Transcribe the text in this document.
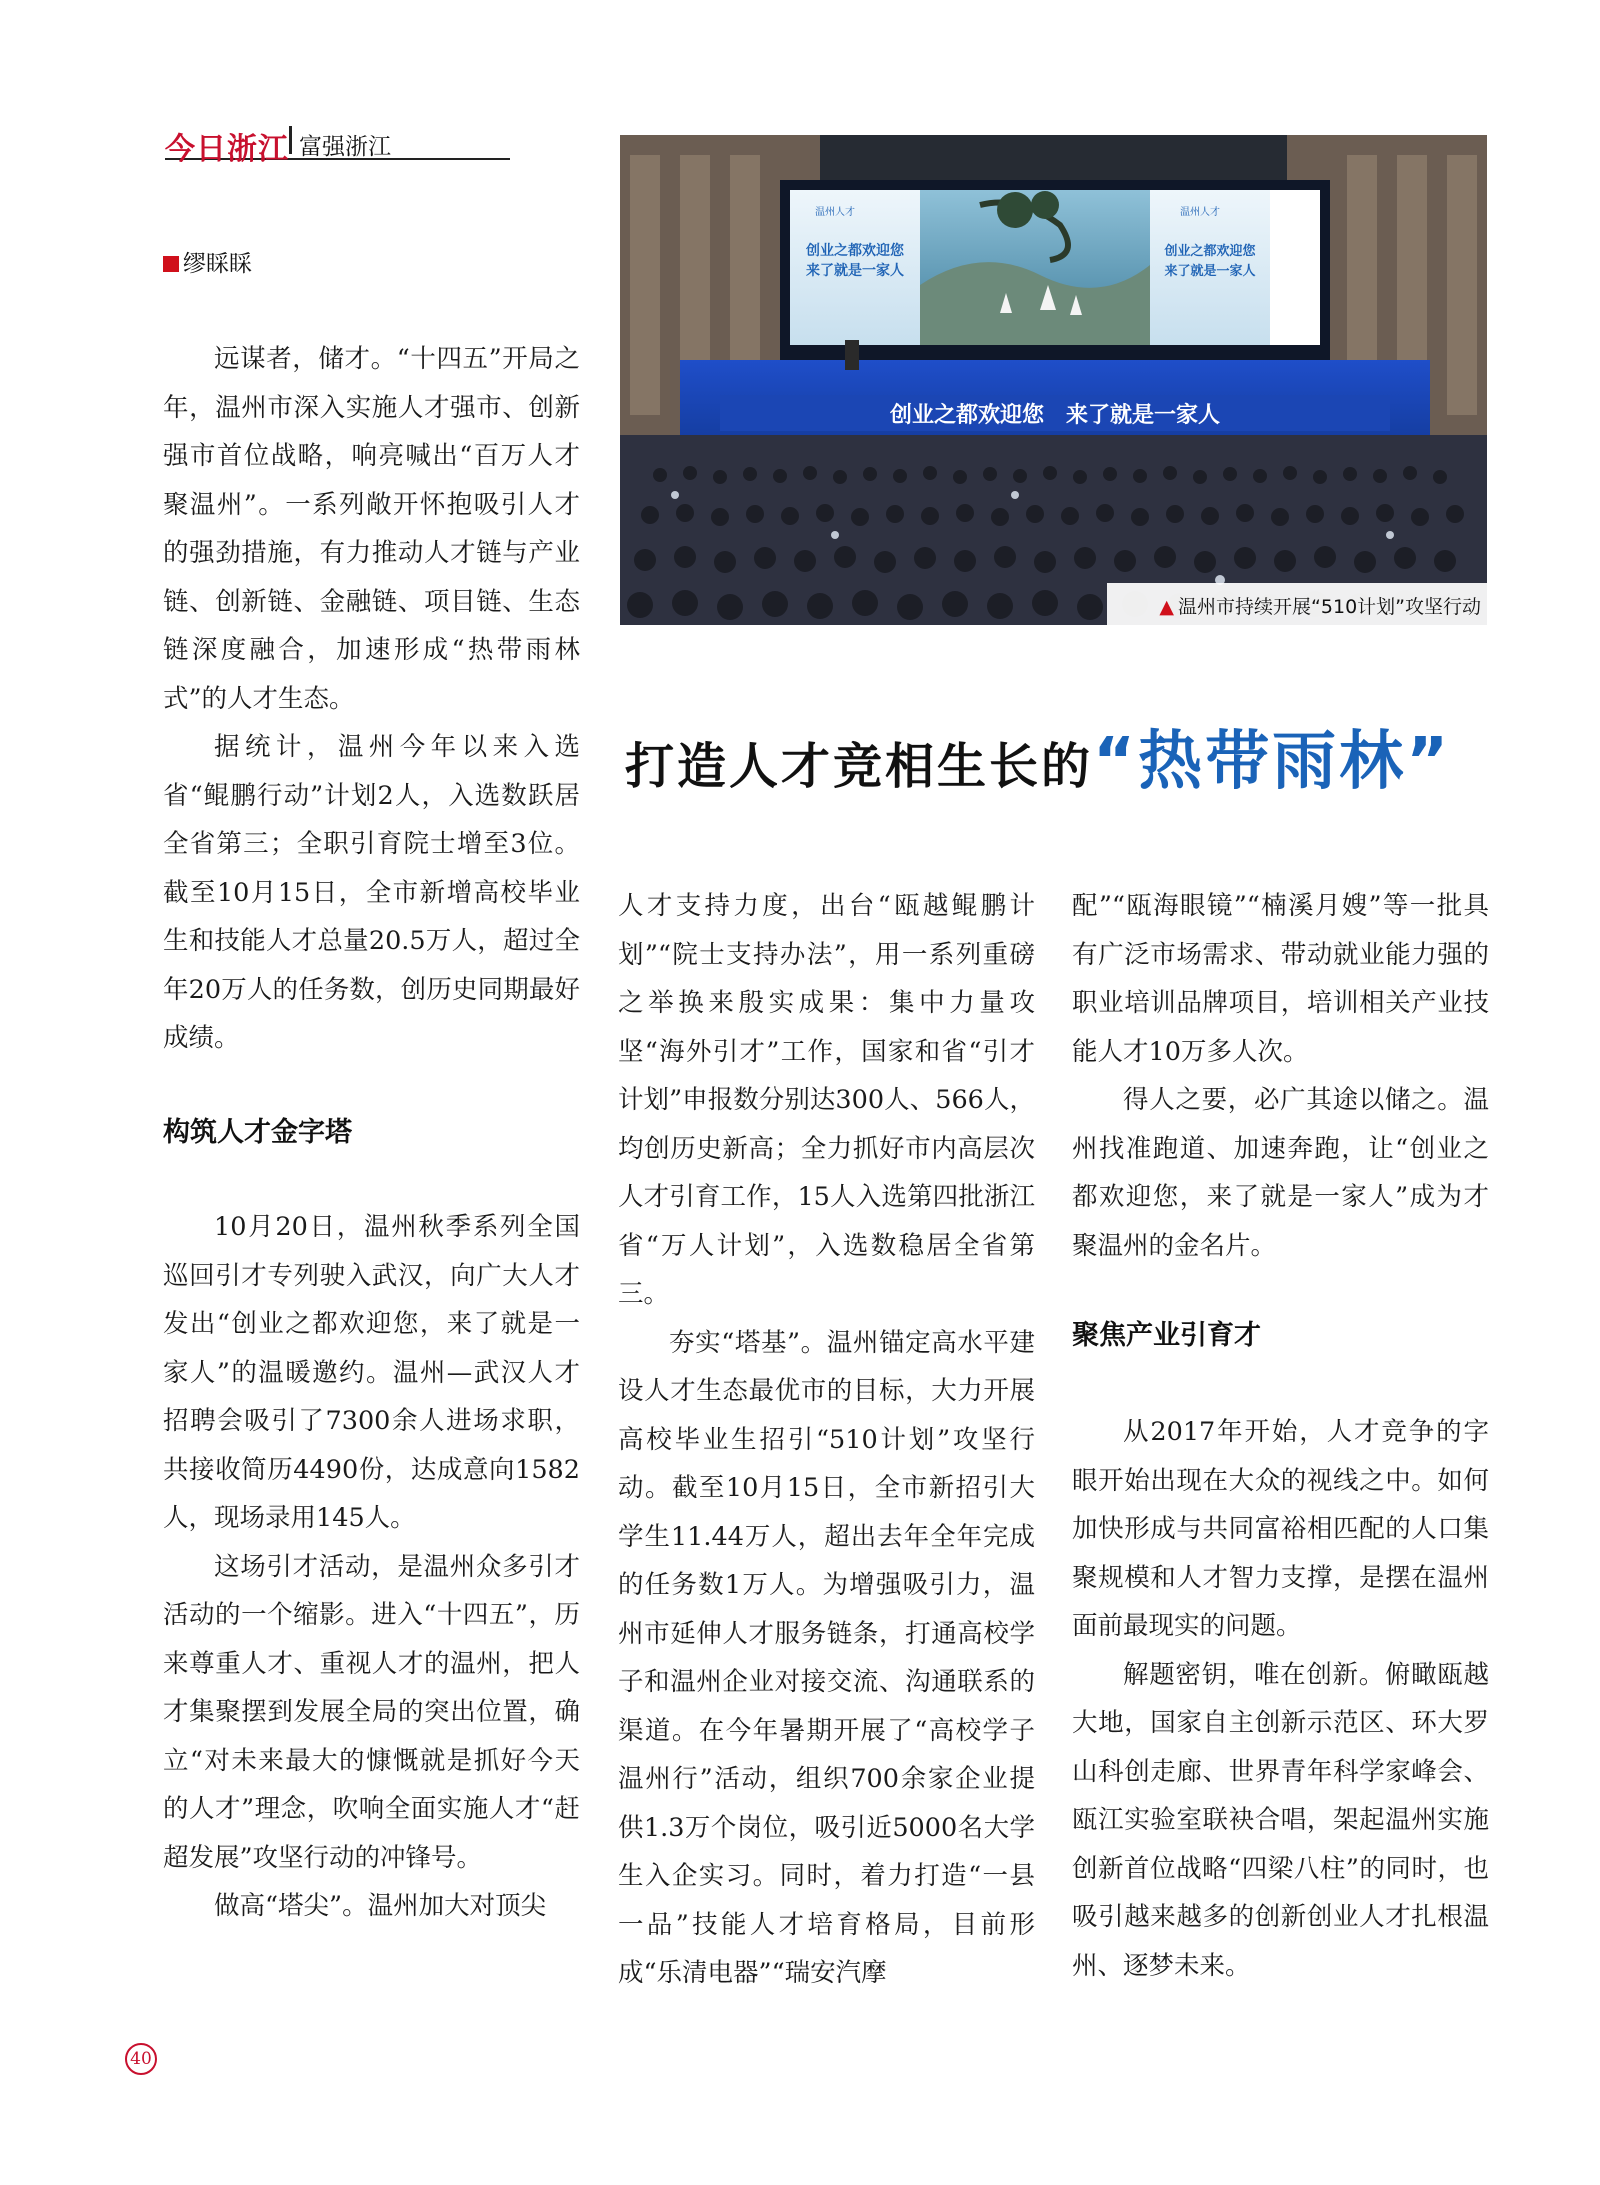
今日浙江 富强浙江
缪睬睬

远谋者，储才。“十四五”开局之年，温州市深入实施人才强市、创新强市首位战略，响亮喊出“百万人才聚温州”。一系列敞开怀抱吸引人才的强劲措施，有力推动人才链与产业链、创新链、金融链、项目链、生态链深度融合，加速形成“热带雨林式”的人才生态。

据统计，温州今年以来入选省“鲲鹏行动”计划2人，入选数跃居全省第三；全职引育院士增至3位。截至10月15日，全市新增高校毕业生和技能人才总量20.5万人，超过全年20万人的任务数，创历史同期最好成绩。

构筑人才金字塔

10月20日，温州秋季系列全国巡回引才专列驶入武汉，向广大人才发出“创业之都欢迎您，来了就是一家人”的温暖邀约。温州—武汉人才招聘会吸引了7300余人进场求职，共接收简历4490份，达成意向1582人，现场录用145人。

这场引才活动，是温州众多引才活动的一个缩影。进入“十四五”，历来尊重人才、重视人才的温州，把人才集聚摆到发展全局的突出位置，确立“对未来最大的慷慨就是抓好今天的人才”理念，吹响全面实施人才“赶超发展”攻坚行动的冲锋号。

做高“塔尖”。温州加大对顶尖

创业之都欢迎您
来了就是一家人
创业之都欢迎您
来了就是一家人
温州人才	温州人才
创业之都欢迎您　来了就是一家人
▲ 温州市持续开展“510计划”攻坚行动
打造人才竞相生长的“热带雨林”

人才支持力度，出台“瓯越鲲鹏计划”“院士支持办法”，用一系列重磅之举换来殷实成果：集中力量攻坚“海外引才”工作，国家和省“引才计划”申报数分别达300人、566人，均创历史新高；全力抓好市内高层次人才引育工作，15人入选第四批浙江省“万人计划”，入选数稳居全省第三。

夯实“塔基”。温州锚定高水平建设人才生态最优市的目标，大力开展高校毕业生招引“510计划”攻坚行动。截至10月15日，全市新招引大学生11.44万人，超出去年全年完成的任务数1万人。为增强吸引力，温州市延伸人才服务链条，打通高校学子和温州企业对接交流、沟通联系的渠道。在今年暑期开展了“高校学子温州行”活动，组织700余家企业提供1.3万个岗位，吸引近5000名大学生入企实习。同时，着力打造“一县一品”技能人才培育格局，目前形成“乐清电器”“瑞安汽摩

配”“瓯海眼镜”“楠溪月嫂”等一批具有广泛市场需求、带动就业能力强的职业培训品牌项目，培训相关产业技能人才10万多人次。

得人之要，必广其途以储之。温州找准跑道、加速奔跑，让“创业之都欢迎您，来了就是一家人”成为才聚温州的金名片。

聚焦产业引育才

从2017年开始，人才竞争的字眼开始出现在大众的视线之中。如何加快形成与共同富裕相匹配的人口集聚规模和人才智力支撑，是摆在温州面前最现实的问题。

解题密钥，唯在创新。俯瞰瓯越大地，国家自主创新示范区、环大罗山科创走廊、世界青年科学家峰会、瓯江实验室联袂合唱，架起温州实施创新首位战略“四梁八柱”的同时，也吸引越来越多的创新创业人才扎根温州、逐梦未来。

40
